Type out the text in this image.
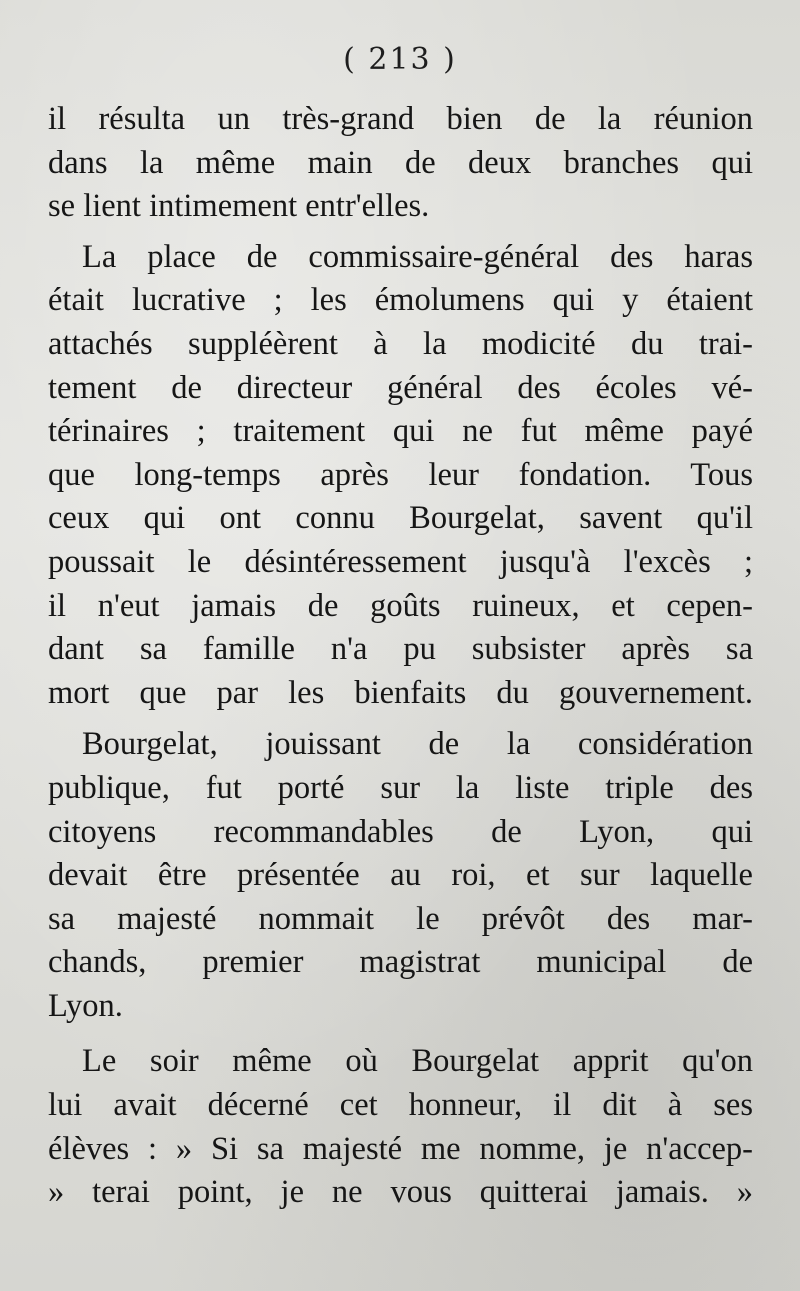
( 213 )
il résulta un très-grand bien de la réunion
dans la même main de deux branches qui
se lient intimement entr'elles.
La place de commissaire-général des haras
était lucrative ; les émolumens qui y étaient
attachés suppléèrent à la modicité du trai-
tement de directeur général des écoles vé-
térinaires ; traitement qui ne fut même payé
que long-temps après leur fondation. Tous
ceux qui ont connu Bourgelat, savent qu'il
poussait le désintéressement jusqu'à l'excès ;
il n'eut jamais de goûts ruineux, et cepen-
dant sa famille n'a pu subsister après sa
mort que par les bienfaits du gouvernement.
Bourgelat, jouissant de la considération
publique, fut porté sur la liste triple des
citoyens recommandables de Lyon, qui
devait être présentée au roi, et sur laquelle
sa majesté nommait le prévôt des mar-
chands, premier magistrat municipal de
Lyon.
Le soir même où Bourgelat apprit qu'on
lui avait décerné cet honneur, il dit à ses
élèves : » Si sa majesté me nomme, je n'accep-
» terai point, je ne vous quitterai jamais. »
